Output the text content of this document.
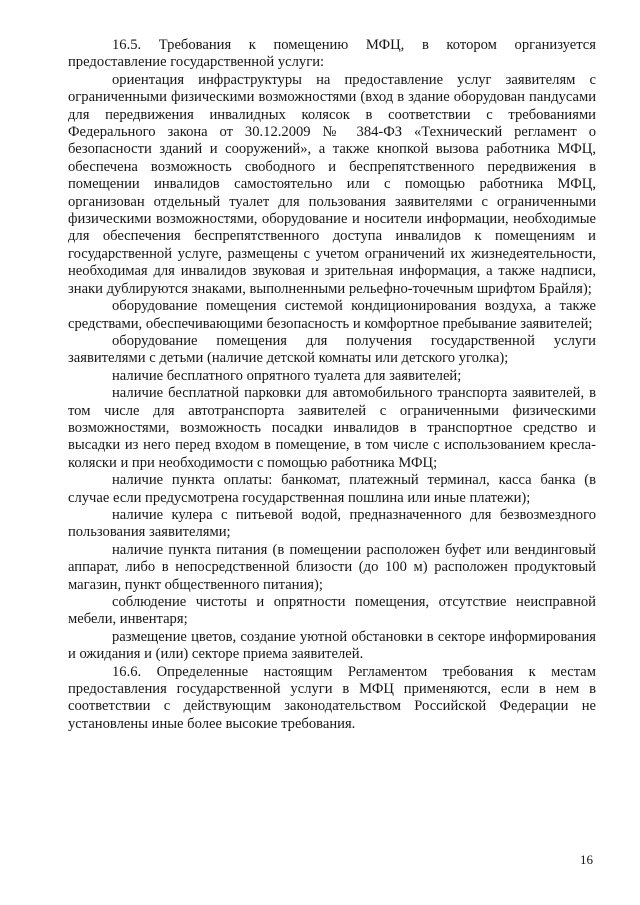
16.5. Требования к помещению МФЦ, в котором организуется предоставление государственной услуги:

ориентация инфраструктуры на предоставление услуг заявителям с ограниченными физическими возможностями (вход в здание оборудован пандусами для передвижения инвалидных колясок в соответствии с требованиями Федерального закона от 30.12.2009 № 384-ФЗ «Технический регламент о безопасности зданий и сооружений», а также кнопкой вызова работника МФЦ, обеспечена возможность свободного и беспрепятственного передвижения в помещении инвалидов самостоятельно или с помощью работника МФЦ, организован отдельный туалет для пользования заявителями с ограниченными физическими возможностями, оборудование и носители информации, необходимые для обеспечения беспрепятственного доступа инвалидов к помещениям и государственной услуге, размещены с учетом ограничений их жизнедеятельности, необходимая для инвалидов звуковая и зрительная информация, а также надписи, знаки дублируются знаками, выполненными рельефно-точечным шрифтом Брайля);

оборудование помещения системой кондиционирования воздуха, а также средствами, обеспечивающими безопасность и комфортное пребывание заявителей;

оборудование помещения для получения государственной услуги заявителями с детьми (наличие детской комнаты или детского уголка);

наличие бесплатного опрятного туалета для заявителей;

наличие бесплатной парковки для автомобильного транспорта заявителей, в том числе для автотранспорта заявителей с ограниченными физическими возможностями, возможность посадки инвалидов в транспортное средство и высадки из него перед входом в помещение, в том числе с использованием кресла-коляски и при необходимости с помощью работника МФЦ;

наличие пункта оплаты: банкомат, платежный терминал, касса банка (в случае если предусмотрена государственная пошлина или иные платежи);

наличие кулера с питьевой водой, предназначенного для безвозмездного пользования заявителями;

наличие пункта питания (в помещении расположен буфет или вендинговый аппарат, либо в непосредственной близости (до 100 м) расположен продуктовый магазин, пункт общественного питания);

соблюдение чистоты и опрятности помещения, отсутствие неисправной мебели, инвентаря;

размещение цветов, создание уютной обстановки в секторе информирования и ожидания и (или) секторе приема заявителей.

16.6. Определенные настоящим Регламентом требования к местам предоставления государственной услуги в МФЦ применяются, если в нем в соответствии с действующим законодательством Российской Федерации не установлены иные более высокие требования.

16
